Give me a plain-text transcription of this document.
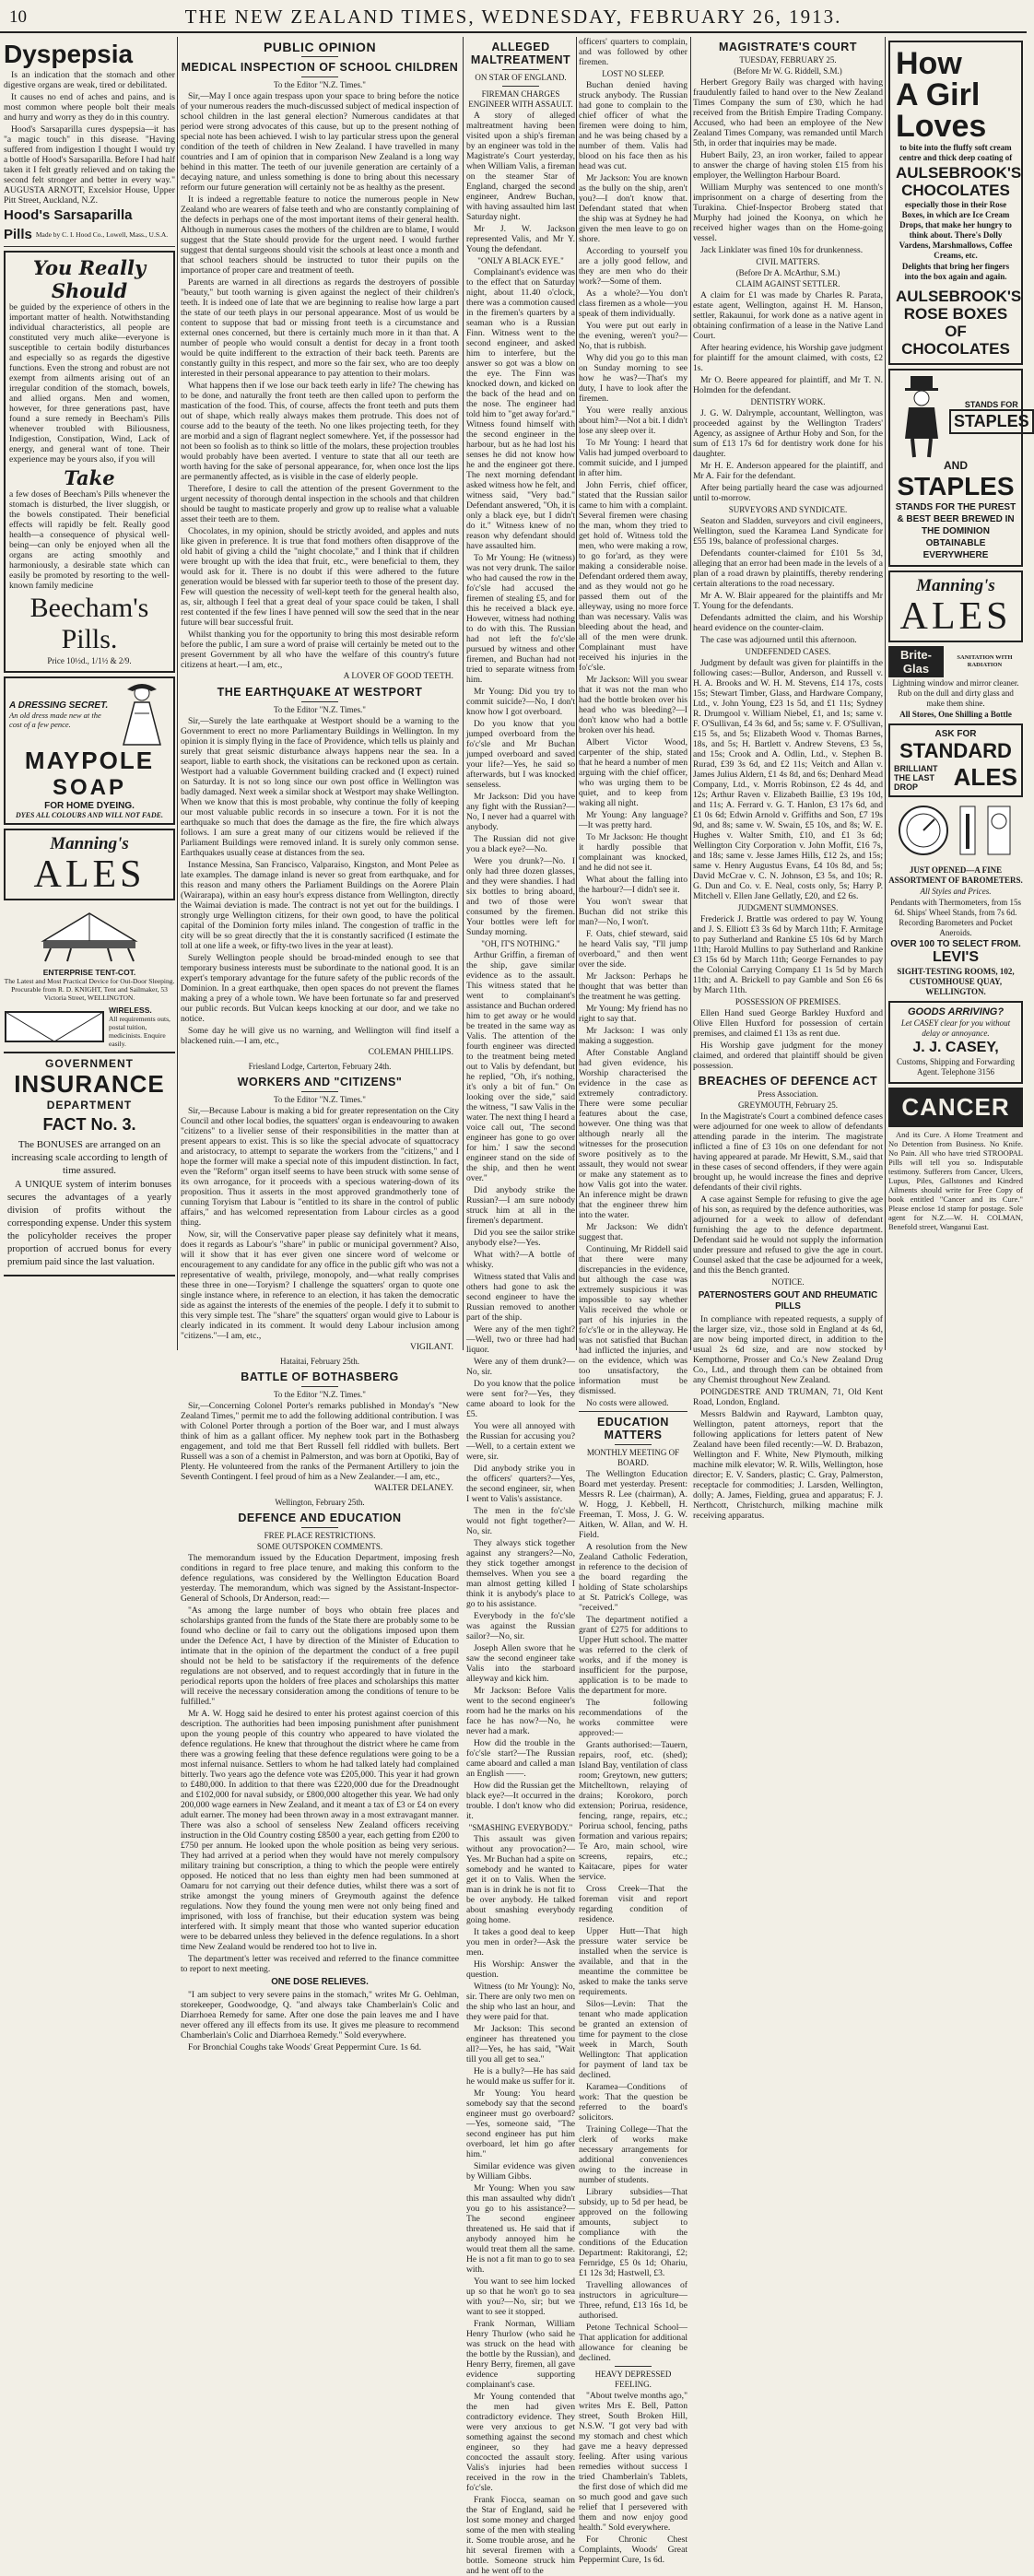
10	THE NEW ZEALAND TIMES, WEDNESDAY, FEBRUARY 26, 1913.
Dyspepsia

Is an indication that the stomach and other digestive organs are weak, tired or debilitated.

It causes no end of aches and pains, and is most common where people bolt their meals and hurry and worry as they do in this country.

Hood's Sarsaparilla cures dyspepsia—it has "a magic touch" in this disease. "Having suffered from indigestion I thought I would try a bottle of Hood's Sarsaparilla. Before I had half taken it I felt greatly relieved and on taking the second felt stronger and better in every way." AUGUSTA ARNOTT, Excelsior House, Upper Pitt Street, Auckland, N.Z.

Hood's Sarsaparilla
Pills Made by C. I. Hood Co., Lowell, Mass., U.S.A.
You Really Should

be guided by the experience of others in the important matter of health. Notwithstanding individual characteristics, all people are constituted very much alike—everyone is susceptible to certain bodily disturbances and especially so as regards the digestive functions. Even the strong and robust are not exempt from ailments arising out of an irregular condition of the stomach, bowels, and allied organs. Men and women, however, for three generations past, have found a sure remedy in Beecham's Pills whenever troubled with Biliousness, Indigestion, Constipation, Wind, Lack of energy, and general want of tone. Their experience may be yours also, if you will

Take

a few doses of Beecham's Pills whenever the stomach is disturbed, the liver sluggish, or the bowels constipated. Their beneficial effects will rapidly be felt. Really good health—a consequence of physical well-being—can only be enjoyed when all the organs are acting smoothly and harmoniously, a desirable state which can easily be promoted by resorting to the well-known family medicine

Beecham's
Pills.
Price 10½d., 1/1½ & 2/9.
A DRESSING SECRET.
An old dress made new at the cost of a few pence.
MAYPOLE
SOAP
FOR HOME DYEING.
DYES ALL COLOURS AND WILL NOT FADE.
Manning's
ALES
ENTERPRISE TENT-COT.
The Latest and Most Practical Device for Out-Door Sleeping.
Procurable from R. D. KNIGHT, Tent and Sailmaker, 53 Victoria Street, WELLINGTON.
WIRELESS.
All requirements outs, postal tuition, medicinists. Enquire easily.
GOVERNMENT
INSURANCE
DEPARTMENT
FACT No. 3.

The BONUSES are arranged on an increasing scale according to length of time assured.

A UNIQUE system of interim bonuses secures the advantages of a yearly division of profits without the corresponding expense. Under this system the policyholder receives the proper proportion of accrued bonus for every premium paid since the last valuation.

PUBLIC OPINION
MEDICAL INSPECTION OF SCHOOL CHILDREN
To the Editor "N.Z. Times."

Sir,—May I once again trespass upon your space to bring before the notice of your numerous readers the much-discussed subject of medical inspection of school children in the last general election? Numerous candidates at that period were strong advocates of this cause, but up to the present nothing of special note has been achieved. I wish to lay particular stress upon the general condition of the teeth of children in New Zealand. I have travelled in many countries and I am of opinion that in comparison New Zealand is a long way behind in this matter. The teeth of our juvenile generation are certainly of a decaying nature, and unless something is done to bring about this necessary reform our future generation will certainly not be as healthy as the present.

It is indeed a regrettable feature to notice the numerous people in New Zealand who are wearers of false teeth and who are constantly complaining of the defects in perhaps one of the most important items of their general health. Although in numerous cases the mothers of the children are to blame, I would suggest that the State should provide for the urgent need. I would further suggest that dental surgeons should visit the schools at least once a month and that school teachers should be instructed to tutor their pupils on the importance of proper care and treatment of teeth.

Parents are warned in all directions as regards the destroyers of possible "beauty," but tooth warning is given against the neglect of their children's teeth. It is indeed one of late that we are beginning to realise how large a part the state of our teeth plays in our personal appearance. Most of us would be content to suppose that bad or missing front teeth is a circumstance and external ones concerned, but there is certainly much more in it than that. A number of people who would consult a dentist for decay in a front tooth would be quite indifferent to the extraction of their back teeth. Parents are constantly guilty in this respect, and more so the fair sex, who are too deeply interested in their personal appearance to pay attention to their molars.

What happens then if we lose our back teeth early in life? The chewing has to be done, and naturally the front teeth are then called upon to perform the mastication of the food. This, of course, affects the front teeth and puts them out of shape, which really always makes them protrude. This does not of course add to the beauty of the teeth. No one likes projecting teeth, for they are morbid and a sign of flagrant neglect somewhere. Yet, if the possessor had not been so foolish as to think so little of the molars, these projection troubles would probably have been averted. I venture to state that all our teeth are worth having for the sake of personal appearance, for, when once lost the lips are permanently affected, as is visible in the case of elderly people.

Therefore, I desire to call the attention of the present Government to the urgent necessity of thorough dental inspection in the schools and that children should be taught to masticate properly and grow up to realise what a valuable asset their teeth are to them.

Chocolates, in my opinion, should be strictly avoided, and apples and nuts like given in preference. It is true that fond mothers often disapprove of the old habit of giving a child the "night chocolate," and I think that if children were brought up with the idea that fruit, etc., were beneficial to them, they would ask for it. There is no doubt if this were adhered to the future generation would be blessed with far superior teeth to those of the present day. Few will question the necessity of well-kept teeth for the general health also, as, sir, although I feel that a great deal of your space could be taken, I shall rest contented if the few lines I have penned will sow the seed that in the near future will bear successful fruit.

Whilst thanking you for the opportunity to bring this most desirable reform before the public, I am sure a word of praise will certainly be meted out to the present Government by all who have the welfare of this country's future citizens at heart.—I am, etc.,

A LOVER OF GOOD TEETH.
THE EARTHQUAKE AT WESTPORT
To the Editor "N.Z. Times."

Sir,—Surely the late earthquake at Westport should be a warning to the Government to erect no more Parliamentary Buildings in Wellington. In my opinion it is simply flying in the face of Providence, which tells us plainly and surely that great seismic disturbance always happens near the sea. In a seaport, liable to earth shock, the visitations can be reckoned upon as certain. Westport had a valuable Government building cracked and (I expect) ruined on Saturday. It is not so long since our own post office in Wellington was badly damaged. Next week a similar shock at Westport may shake Wellington. When we know that this is most probable, why continue the folly of keeping our most valuable public records in so insecure a town. For it is not the earthquake so much that does the damage as the fire, the fire which always follows. I am sure a great many of our citizens would be relieved if the Parliament Buildings were removed inland. It is surely only common sense. Earthquakes usually cease at distances from the sea.

Instance Messina, San Francisco, Valparaiso, Kingston, and Mont Pelee as late examples. The damage inland is never so great from earthquake, and for this reason and many others the Parliament Buildings on the Aorere Plain (Wairarapa), within an easy hour's express distance from Wellington, directly the Waimai deviation is made. The contract is not yet out for the buildings. I strongly urge Wellington citizens, for their own good, to have the political capital of the Dominion forty miles inland. The congestion of traffic in the city will be so great directly that the it is constantly sacrificed (I estimate the toll at one life a week, or fifty-two lives in the year at least).

Surely Wellington people should be broad-minded enough to see that temporary business interests must be subordinate to the national good. It is an expert's temporary advantage for the future safety of the public records of the Dominion. In a great earthquake, then open spaces do not prevent the flames making a prey of a whole town. We have been fortunate so far and preserved our public records. But Vulcan keeps knocking at our door, and we take no notice.

Some day he will give us no warning, and Wellington will find itself a blackened ruin.—I am, etc.,

COLEMAN PHILLIPS.
Friesland Lodge, Carterton, February 24th.
WORKERS AND "CITIZENS"
To the Editor "N.Z. Times."

Sir,—Because Labour is making a bid for greater representation on the City Council and other local bodies, the squatters' organ is endeavouring to awaken "citizens" to a livelier sense of their responsibilities in the matter than at present appears to exist. This is so like the special advocate of squattocracy and aristocracy, to attempt to separate the workers from the "citizens," and I hope the former will make a special note of this impudent distinction. In fact, even the "Reform" organ itself seems to have been struck with some sense of its own arrogance, for it proceeds with a specious watering-down of its proposition. Thus it asserts in the most approved grandmotherly tone of cunning Toryism that Labour is "entitled to its share in the control of public affairs," and has welcomed representation from Labour circles as a good thing.

Now, sir, will the Conservative paper please say definitely what it means, does it regards as Labour's "share" in public or municipal government? Also, will it show that it has ever given one sincere word of welcome or encouragement to any candidate for any office in the public gift who was not a representative of wealth, privilege, monopoly, and—what really comprises these three in one—Toryism? I challenge the squatters' organ to quote one single instance where, in reference to an election, it has taken the democratic side as against the interests of the enemies of the people. I defy it to submit to this very simple test. The "share" the squatters' organ would give to Labour is clearly indicated in its comment. It would deny Labour inclusion among "citizens."—I am, etc.,

VIGILANT.
Hataitai, February 25th.
BATTLE OF BOTHASBERG
To the Editor "N.Z. Times."

Sir,—Concerning Colonel Porter's remarks published in Monday's "New Zealand Times," permit me to add the following additional contribution. I was with Colonel Porter through a portion of the Boer war, and I must always think of him as a gallant officer. My nephew took part in the Bothasberg engagement, and told me that Bert Russell fell riddled with bullets. Bert Russell was a son of a chemist in Palmerston, and was born at Opotiki, Bay of Plenty. He volunteered from the ranks of the Permanent Artillery to join the Seventh Contingent. I feel proud of him as a New Zealander.—I am, etc.,

WALTER DELANEY.
Wellington, February 25th.
DEFENCE AND EDUCATION
FREE PLACE RESTRICTIONS.
SOME OUTSPOKEN COMMENTS.

The memorandum issued by the Education Department, imposing fresh conditions in regard to free place tenure, and making this conform to the defence regulations, was considered by the Wellington Education Board yesterday. The memorandum, which was signed by the Assistant-Inspector-General of Schools, Dr Anderson, read:—

"As among the large number of boys who obtain free places and scholarships granted from the funds of the State there are probably some to be found who decline or fail to carry out the obligations imposed upon them under the Defence Act, I have by direction of the Minister of Education to intimate that in the opinion of the department the conduct of a free pupil should not be held to be satisfactory if the requirements of the defence regulations are not observed, and to request accordingly that in future in the periodical reports upon the holders of free places and scholarships this matter will receive the necessary consideration among the conditions of tenure to be fulfilled."

Mr A. W. Hogg said he desired to enter his protest against coercion of this description. The authorities had been imposing punishment after punishment upon the young people of this country who appeared to have violated the defence regulations. He knew that throughout the district where he came from there was a growing feeling that these defence regulations were going to be a most infernal nuisance. Settlers to whom he had talked lately had complained bitterly. Two years ago the defence vote was £205,000. This year it had grown to £480,000. In addition to that there was £220,000 due for the Dreadnought and £102,000 for naval subsidy, or £800,000 altogether this year. We had only 200,000 wage earners in New Zealand, and it meant a tax of £3 or £4 on every adult earner. The money had been thrown away in a most extravagant manner. There was also a school of senseless New Zealand officers receiving instruction in the Old Country costing £8500 a year, each getting from £200 to £750 per annum. He looked upon the whole position as being very serious. They had arrived at a period when they would have not merely compulsory military training but conscription, a thing to which the people were entirely opposed. He noticed that no less than eighty men had been summoned at Oamaru for not carrying out their defence duties, whilst there was a sort of strike amongst the young miners of Greymouth against the defence regulations. Now they found the young men were not only being fined and imprisoned, with loss of franchise, but their education system was being interfered with. It simply meant that those who wanted superior education were to be debarred unless they believed in the defence regulations. In a short time New Zealand would be rendered too hot to live in.

The department's letter was received and referred to the finance committee to report to next meeting.

ONE DOSE RELIEVES.

"I am subject to very severe pains in the stomach," writes Mr G. Oehlman, storekeeper, Goodwoodge, Q. "and always take Chamberlain's Colic and Diarrhoea Remedy for same. After one dose the pain leaves me and I have never offered any ill effects from its use. It gives me pleasure to recommend Chamberlain's Colic and Diarrhoea Remedy." Sold everywhere.

For Bronchial Coughs take Woods' Great Peppermint Cure. 1s 6d.

ALLEGED MALTREATMENT
ON STAR OF ENGLAND.
FIREMAN CHARGES ENGINEER WITH ASSAULT.

A story of alleged maltreatment having been visited upon a ship's fireman by an engineer was told in the Magistrate's Court yesterday, when William Valis, a fireman on the steamer Star of England, charged the second engineer, Andrew Buchan, with having assaulted him last Saturday night.

Mr J. W. Jackson represented Valis, and Mr Y. Young the defendant.

"ONLY A BLACK EYE."

Complainant's evidence was to the effect that on Saturday night, about 11.40 o'clock, there was a commotion caused in the firemen's quarters by a seaman who is a Russian Finn. Witness went to the second engineer, and asked him to interfere, but the answer so got was a blow on the eye. The Finn was knocked down, and kicked on the back of the head and on the nose. The engineer had told him to "get away for'ard." Witness found himself with the second engineer in the harbour, but as he had lost his senses he did not know how he and the engineer got there. The next morning defendant asked witness how he felt, and witness said, "Very bad." Defendant answered, "Oh, it is only a black eye, but I didn't do it." Witness knew of no reason why defendant should have assaulted him.

To Mr Young: He (witness) was not very drunk. The sailor who had caused the row in the fo'c'sle had accused the firemen of stealing £5, and for this he received a black eye. However, witness had nothing to do with this. The Russian had not left the fo'c'sle pursued by witness and other firemen, and Buchan had not tried to separate witness from him.

Mr Young: Did you try to commit suicide?—No, I don't know how I got overboard.

Do you know that you jumped overboard from the fo'c'sle and Mr Buchan jumped overboard and saved your life?—Yes, he said so afterwards, but I was knocked senseless.

Mr Jackson: Did you have any fight with the Russian?—No, I never had a quarrel with anybody.

The Russian did not give you a black eye?—No.

Were you drunk?—No. I only had three dozen glasses, and they were shandies. I had six bottles to bring aboard, and two of those were consumed by the firemen. Your bottles were left for Sunday morning.

"OH, IT'S NOTHING."

Arthur Griffin, a fireman of the ship, gave similar evidence as to the assault. This witness stated that he went to complainant's assistance and Buchan ordered him to get away or he would be treated in the same way as Valis. The attention of the fourth engineer was directed to the treatment being meted out to Valis by defendant, but he replied, "Oh, it's nothing, it's only a bit of fun." On looking over the side," said the witness, "I saw Valis in the water. The next thing I heard a voice call out, 'The second engineer has gone to go over for him.' I saw the second engineer stand on the side of the ship, and then he went over."

Did anybody strike the Russian?—I am sure nobody struck him at all in the firemen's department.

Did you see the sailor strike anybody else?—Yes.

What with?—A bottle of whisky.

Witness stated that Valis and others had gone to ask the second engineer to have the Russian removed to another part of the ship.

Were any of the men tight?—Well, two or three had had liquor.

Were any of them drunk?—No, sir.

Do you know that the police were sent for?—Yes, they came aboard to look for the £5.

You were all annoyed with the Russian for accusing you?—Well, to a certain extent we were, sir.

Did anybody strike you in the officers' quarters?—Yes, the second engineer, sir, when I went to Valis's assistance.

The men in the fo'c'sle would not fight together?—No, sir.

They always stick together against any strangers?—No, they stick together amongst themselves. When you see a man almost getting killed I think it is anybody's place to go to his assistance.

Everybody in the fo'c'sle was against the Russian sailor?—No, sir.

Joseph Allen swore that he saw the second engineer take Valis into the starboard alleyway and kick him.

Mr Jackson: Before Valis went to the second engineer's room had he the marks on his face he has now?—No, he never had a mark.

How did the trouble in the fo'c'sle start?—The Russian came aboard and called a man an English ——.

How did the Russian get the black eye?—It occurred in the trouble. I don't know who did it.

"SMASHING EVERYBODY."

This assault was given without any provocation?—Yes. Mr Buchan had a spite on somebody and he wanted to get it on to Valis. When the man is in drink he is not fit to be over anybody. He talked about smashing everybody going home.

It takes a good deal to keep you men in order?—Ask the men.

His Worship: Answer the question.

Witness (to Mr Young): No, sir. There are only two men on the ship who last an hour, and they were paid for that.

Mr Jackson: This second engineer has threatened you all?—Yes, he has said, "Wait till you all get to sea."

He is a bully?—He has said he would make us suffer for it.

Mr Young: You heard somebody say that the second engineer must go overboard?—Yes, someone said, "The second engineer has put him overboard, let him go after him."

Similar evidence was given by William Gibbs.

Mr Young: When you saw this man assaulted why didn't you go to his assistance?—The second engineer threatened us. He said that if anybody annoyed him he would treat them all the same. He is not a fit man to go to sea with.

You want to see him locked up so that he won't go to sea with you?—No, sir; but we want to see it stopped.

Frank Norman, William Henry Thurlow (who said he was struck on the head with the bottle by the Russian), and Henry Berry, firemen, all gave evidence supporting complainant's case.

Mr Young contended that the men had given contradictory evidence. They were very anxious to get something against the second engineer, so they had concocted the assault story. Valis's injuries had been received in the row in the fo'c'sle.

Frank Fiocca, seaman on the Star of England, said he lost some money and charged some of the men with stealing it. Some trouble arose, and he hit several firemen with a bottle. Someone struck him and he went off to the

officers' quarters to complain, and was followed by other firemen.

LOST NO SLEEP.

Buchan denied having struck anybody. The Russian had gone to complain to the chief officer of what the firemen were doing to him, and he was being chased by a number of them. Valis had blood on his face then as his head was cut.

Mr Jackson: You are known as the bully on the ship, aren't you?—I don't know that. Defendant stated that when the ship was at Sydney he had given the men leave to go on shore.

According to yourself you are a jolly good fellow, and they are men who do their work?—Some of them.

As a whole?—You don't class firemen as a whole—you speak of them individually.

You were put out early in the evening, weren't you?—No, that is rubbish.

Why did you go to this man on Sunday morning to see how he was?—That's my duty, I have to look after the firemen.

You were really anxious about him?—Not a bit. I didn't lose any sleep over it.

To Mr Young: I heard that Valis had jumped overboard to commit suicide, and I jumped in after him.

John Ferris, chief officer, stated that the Russian sailor came to him with a complaint. Several firemen were chasing the man, whom they tried to get hold of. Witness told the men, who were making a row, to go for'ard, as they were making a considerable noise. Defendant ordered them away, and as they would not go he passed them out of the alleyway, using no more force than was necessary. Valis was bleeding about the head, and all of the men were drunk. Complainant must have received his injuries in the fo'c'sle.

Mr Jackson: Will you swear that it was not the man who had the bottle broken over his head who was bleeding?—I don't know who had a bottle broken over his head.

Albert Victor Wood, carpenter of the ship, stated that he heard a number of men arguing with the chief officer, who was urging them to be quiet, and to keep from waking all night.

Mr Young: Any language?—It was pretty hard.

To Mr Jackson: He thought it hardly possible that complainant was knocked, and he did not see it.

What about the falling into the harbour?—I didn't see it.

You won't swear that Buchan did not strike this man?—No, I won't.

F. Oats, chief steward, said he heard Valis say, "I'll jump overboard," and then went over the side.

Mr Jackson: Perhaps he thought that was better than the treatment he was getting.

Mr Young: My friend has no right to say that.

Mr Jackson: I was only making a suggestion.

After Constable Angland had given evidence, his Worship characterised the evidence in the case as extremely contradictory. There were some peculiar features about the case, however. One thing was that although nearly all the witnesses for the prosecution swore positively as to the assault, they would not swear or make any statement as to how Valis got into the water. An inference might be drawn that the engineer threw him into the water.

Mr Jackson: We didn't suggest that.

Continuing, Mr Riddell said that there were many discrepancies in the evidence, but although the case was extremely suspicious it was impossible to say whether Valis received the whole or part of his injuries in the fo'c's'le or in the alleyway. He was not satisfied that Buchan had inflicted the injuries, and on the evidence, which was too unsatisfactory, the information must be dismissed.

No costs were allowed.

EDUCATION MATTERS
MONTHLY MEETING OF BOARD.

The Wellington Education Board met yesterday. Present: Messrs R. Lee (chairman), A. W. Hogg, J. Kebbell, H. Freeman, T. Moss, J. G. W. Aitken, W. Allan, and W. H. Field.

A resolution from the New Zealand Catholic Federation, in reference to the decision of the board regarding the holding of State scholarships at St. Patrick's College, was "received."

The department notified a grant of £275 for additions to Upper Hutt school. The matter was referred to the clerk of works, and if the money is insufficient for the purpose, application is to be made to the department for more.

The following recommendations of the works committee were approved:—

Grants authorised:—Tauern, repairs, roof, etc. (shed); Island Bay, ventilation of class room; Greytown, new gutters; Mitchelltown, relaying of drains; Korokoro, porch extension; Porirua, residence, fencing, range, repairs, etc.; Porirua school, fencing, paths formation and various repairs; Te Aro, main school, wire screens, repairs, etc.; Kaitacare, pipes for water service.

Cross Creek—That the foreman visit and report regarding condition of residence.

Upper Hutt—That high pressure water service be installed when the service is available, and that in the meantime the committee be asked to make the tanks serve requirements.

Silos—Levin: That the tenant who made application be granted an extension of time for payment to the close week in March, South Wellington: That application for payment of land tax be declined.

Karamea—Conditions of work: That the question be referred to the board's solicitors.

Training College—That the clerk of works make necessary arrangements for additional conveniences owing to the increase in number of students.

Library subsidies—That subsidy, up to 5d per head, be approved on the following amounts, subject to compliance with the conditions of the Education Department: Rakitorangi, £2; Fernridge, £5 0s 1d; Ohariu, £1 12s 3d; Hastwell, £3.

Travelling allowances of instructors in agriculture—Three, refund, £13 16s 1d, be authorised.

Petone Technical School—That application for additional allowance for cleaning be declined.

HEAVY DEPRESSED FEELING.

"About twelve months ago," writes Mrs E. Bell, Patton street, South Broken Hill, N.S.W. "I got very bad with my stomach and chest which gave me a heavy depressed feeling. After using various remedies without success I tried Chamberlain's Tablets, the first dose of which did me so much good and gave such relief that I persevered with them and now enjoy good health." Sold everywhere.

For Chronic Chest Complaints, Woods' Great Peppermint Cure, 1s 6d.

How
A Girl
Loves
to bite into the fluffy soft cream centre and thick deep coating of
AULSEBROOK'S
CHOCOLATES
especially those in their Rose Boxes, in which are Ice Cream Drops, that make her hungry to think about. There's Dolly Vardens, Marshmallows, Coffee Creams, etc.
Delights that bring her fingers into the box again and again.
AULSEBROOK'S ROSE BOXES OF CHOCOLATES
STANDS FOR
STAPLES
AND
STAPLES
STANDS FOR THE PUREST & BEST BEER BREWED IN THE DOMINION OBTAINABLE EVERYWHERE
Manning's
ALES
Brite-Glas
SANITATION WITH RADIATION
Lightning window and mirror cleaner. Rub on the dull and dirty glass and make them shine.
All Stores, One Shilling a Bottle
ASK FOR
STANDARD
BRILLIANT
THE LAST DROP	ALES
JUST OPENED—A FINE ASSORTMENT OF BAROMETERS.
All Styles and Prices.
Pendants with Thermometers, from 15s 6d. Ships' Wheel Stands, from 7s 6d. Recording Barometers and Pocket Aneroids.
OVER 100 TO SELECT FROM.
LEVI'S
SIGHT-TESTING ROOMS, 102, CUSTOMHOUSE QUAY, WELLINGTON.
GOODS ARRIVING?
Let CASEY clear for you without delay or annoyance.
J. J. CASEY,
Customs, Shipping and Forwarding Agent. Telephone 3156
CANCER

And its Cure. A Home Treatment and No Detention from Business. No Knife. No Pain. All who have tried STROOPAL Pills will tell you so. Indisputable testimony. Sufferers from Cancer, Ulcers, Lupus, Piles, Gallstones and Kindred Ailments should write for Free Copy of book entitled "Cancer and its Cure." Please enclose 1d stamp for postage. Sole agent for N.Z.—W. H. COLMAN, Benefold street, Wanganui East.

MAGISTRATE'S COURT
TUESDAY, FEBRUARY 25.
(Before Mr W. G. Riddell, S.M.)

Herbert Gregory Baily was charged with having fraudulently failed to hand over to the New Zealand Times Company the sum of £30, which he had received from the British Empire Trading Company. Accused, who had been an employee of the New Zealand Times Company, was remanded until March 5th, in order that inquiries may be made.

Hubert Baily, 23, an iron worker, failed to appear to answer the charge of having stolen £15 from his employer, the Wellington Harbour Board.

William Murphy was sentenced to one month's imprisonment on a charge of deserting from the Turakina. Chief-Inspector Broberg stated that Murphy had joined the Koonya, on which he received higher wages than on the Home-going vessel.

Jack Linklater was fined 10s for drunkenness.

CIVIL MATTERS.
(Before Dr A. McArthur, S.M.)
CLAIM AGAINST SETTLER.

A claim for £1 was made by Charles R. Parata, estate agent, Wellington, against H. M. Hanson, settler, Rakaunui, for work done as a native agent in obtaining confirmation of a lease in the Native Land Court.

After hearing evidence, his Worship gave judgment for plaintiff for the amount claimed, with costs, £2 1s.

Mr O. Beere appeared for plaintiff, and Mr T. N. Holmden for the defendant.

DENTISTRY WORK.

J. G. W. Dalrymple, accountant, Wellington, was proceeded against by the Wellington Traders' Agency, as assignee of Arthur Hoby and Son, for the sum of £13 17s 6d for dentistry work done for his daughter.

Mr H. E. Anderson appeared for the plaintiff, and Mr A. Fair for the defendant.

After being partially heard the case was adjourned until to-morrow.

SURVEYORS AND SYNDICATE.

Seaton and Sladden, surveyors and civil engineers, Wellington, sued the Karamea Land Syndicate for £55 19s, balance of professional charges.

Defendants counter-claimed for £101 5s 3d, alleging that an error had been made in the levels of a plan of a road drawn by plaintiffs, thereby rendering certain alterations to the road necessary.

Mr A. W. Blair appeared for the plaintiffs and Mr T. Young for the defendants.

Defendants admitted the claim, and his Worship heard evidence on the counter-claim.

The case was adjourned until this afternoon.

UNDEFENDED CASES.

Judgment by default was given for plaintiffs in the following cases:—Bullor, Anderson, and Russell v. H. A. Brooks and W. H. M. Stevens, £14 17s, costs 15s; Stewart Timber, Glass, and Hardware Company, Ltd., v. John Young, £23 1s 5d, and £1 11s; Sydney R. Drumgool v. William Niebel, £1, and 1s; same v. F. O'Sullivan, £4 3s 6d, and 5s; same v. F. O'Sullivan, £15 5s, and 5s; Elizabeth Wood v. Thomas Barnes, 18s, and 5s; H. Bartlett v. Andrew Stevens, £3 5s, and 15s; Crook and A. Odlin, Ltd., v. Stephen B. Rurad, £39 3s 6d, and £2 11s; Veitch and Allan v. James Julius Aldern, £1 4s 8d, and 6s; Denhard Mead Company, Ltd., v. Morris Robinson, £2 4s 4d, and 12s; Arthur Raven v. Elizabeth Baillie, £3 19s 10d, and 11s; A. Ferrard v. G. T. Hanlon, £3 17s 6d, and £1 0s 6d; Edwin Arnold v. Griffiths and Son, £7 19s 9d, and 8s; same v. W. Swain, £5 10s, and 8s; W. E. Hughes v. Walter Smith, £10, and £1 3s 6d; Wellington City Corporation v. John Moffit, £16 7s, and 18s; same v. Jesse James Hills, £12 2s, and 15s; same v. Henry Augustus Evans, £4 10s 8d, and 5s; David McCrae v. C. N. Johnson, £3 5s, and 10s; R. G. Dun and Co. v. E. Neal, costs only, 5s; Harry P. Mitchell v. Ellen Jane Gellatly, £20, and £2 6s.

JUDGMENT SUMMONSES.

Frederick J. Brattle was ordered to pay W. Young and J. S. Elliott £3 3s 6d by March 11th; F. Armitage to pay Sutherland and Rankine £5 10s 6d by March 11th; Harold Mullins to pay Sutherland and Rankine £3 15s 6d by March 11th; George Fernandes to pay the Colonial Carrying Company £1 1s 5d by March 11th; and A. Brickell to pay Gamble and Son £6 6s by March 11th.

POSSESSION OF PREMISES.

Ellen Hand sued George Barkley Huxford and Olive Ellen Huxford for possession of certain premises, and claimed £1 13s as rent due.

His Worship gave judgment for the money claimed, and ordered that plaintiff should be given possession.

BREACHES OF DEFENCE ACT
Press Association.
GREYMOUTH, February 25.

In the Magistrate's Court a combined defence cases were adjourned for one week to allow of defendants attending parade in the interim. The magistrate inflicted a fine of £3 10s on one defendant for not having appeared at parade. Mr Hewitt, S.M., said that in these cases of second offenders, if they were again brought up, he would increase the fines and deprive defendants of their civil rights.

A case against Semple for refusing to give the age of his son, as required by the defence authorities, was adjourned for a week to allow of defendant furnishing the age to the defence department. Defendant said he would not supply the information under pressure and refused to give the age in court. Counsel asked that the case be adjourned for a week, and this the Bench granted.

NOTICE.
PATERNOSTERS GOUT AND RHEUMATIC PILLS

In compliance with repeated requests, a supply of the larger size, viz., those sold in England at 4s 6d, are now being imported direct, in addition to the usual 2s 6d size, and are now stocked by Kempthorne, Prosser and Co.'s New Zealand Drug Co., Ltd., and through them can be obtained from any Chemist throughout New Zealand.

POINGDESTRE AND TRUMAN, 71, Old Kent Road, London, England.

Messrs Baldwin and Rayward, Lambton quay, Wellington, patent attorneys, report that the following applications for letters patent of New Zealand have been filed recently:—W. D. Brabazon, Wellington and F. White, New Plymouth, milking machine milk elevator; W. R. Wills, Wellington, hose director; E. V. Sanders, plastic; C. Gray, Palmerston, receptacle for commodities; J. Larsden, Wellington, dolly; A. James, Fielding, gruea and apparatus; F. J. Nerthcott, Christchurch, milking machine milk receiving apparatus.
